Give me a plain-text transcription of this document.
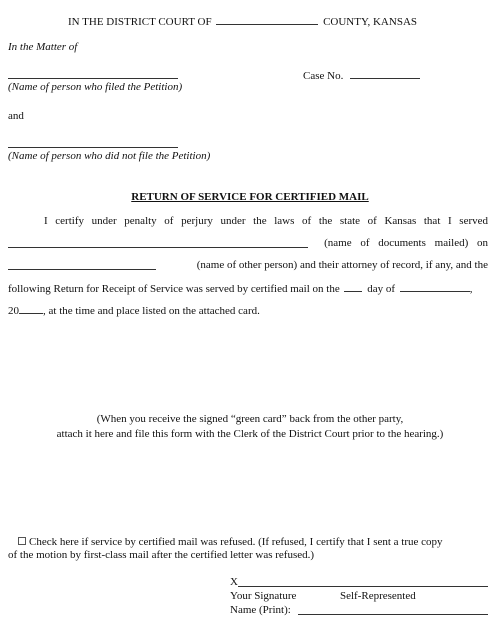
IN THE DISTRICT COURT OF	COUNTY, KANSAS
In the Matter of
(Name of person who filed the Petition)
Case No.
and
(Name of person who did not file the Petition)
RETURN OF SERVICE FOR CERTIFIED MAIL
I certify under penalty of perjury under the laws of the state of Kansas that I served
(name of documents mailed) on
(name of other person) and their attorney of record, if any, and the
following Return for Receipt of Service was served by certified mail on the	day of	,
20 , at the time and place listed on the attached card.
(When you receive the signed “green card” back from the other party,
attach it here and file this form with the Clerk of the District Court prior to the hearing.)
Check here if service by certified mail was refused. (If refused, I certify that I sent a true copy
of the motion by first-class mail after the certified letter was refused.)
X
Your Signature	Self-Represented
Name (Print):
